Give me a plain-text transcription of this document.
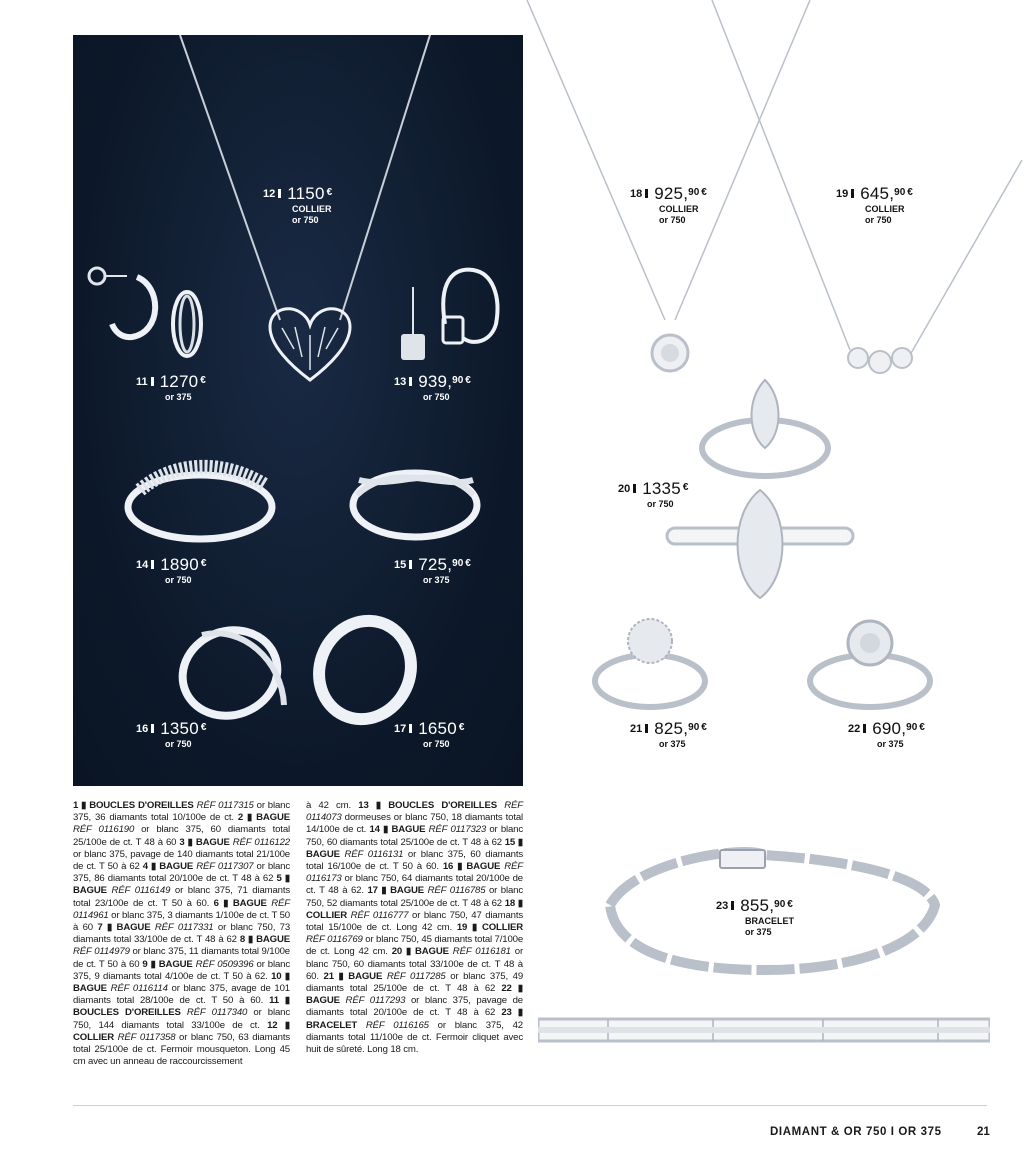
$^{12}$ 1150 €
COLLIER
or 750
$^{11}$ 1270 €
or 375
$^{13}$ 939,90 €
or 750
$^{14}$ 1890 €
or 750
$^{15}$ 725,90 €
or 375
$^{16}$ 1350 €
or 750
$^{17}$ 1650 €
or 750
$^{18}$ 925,90 €
COLLIER
or 750
$^{19}$ 645,90 €
COLLIER
or 750
$^{20}$ 1335 €
or 750
$^{21}$ 825,90 €
or 375
$^{22}$ 690,90 €
or 375
$^{23}$ 855,90 €
BRACELET
or 375
1 ▮ BOUCLES D'OREILLES RÉF 0117315 or blanc 375, 36 diamants total 10/100e de ct. 2 ▮ BAGUE RÉF 0116190 or blanc 375, 60 diamants total 25/100e de ct. T 48 à 60 3 ▮ BAGUE RÉF 0116122 or blanc 375, pavage de 140 diamants total 21/100e de ct. T 50 à 62 4 ▮ BAGUE RÉF 0117307 or blanc 375, 86 diamants total 20/100e de ct. T 48 à 62 5 ▮ BAGUE RÉF 0116149 or blanc 375, 71 diamants total 23/100e de ct. T 50 à 60. 6 ▮ BAGUE RÉF 0114961 or blanc 375, 3 diamants 1/100e de ct. T 50 à 60 7 ▮ BAGUE RÉF 0117331 or blanc 750, 73 diamants total 33/100e de ct. T 48 à 62 8 ▮ BAGUE RÉF 0114979 or blanc 375, 11 diamants total 9/100e de ct. T 50 à 60 9 ▮ BAGUE RÉF 0509396 or blanc 375, 9 diamants total 4/100e de ct. T 50 à 62. 10 ▮ BAGUE RÉF 0116114 or blanc 375, avage de 101 diamants total 28/100e de ct. T 50 à 60. 11 ▮ BOUCLES D'OREILLES RÉF 0117340 or blanc 750, 144 diamants total 33/100e de ct. 12 ▮ COLLIER RÉF 0117358 or blanc 750, 63 diamants total 25/100e de ct. Fermoir mousqueton. Long 45 cm avec un anneau de raccourcissement
à 42 cm. 13 ▮ BOUCLES D'OREILLES RÉF 0114073 dormeuses or blanc 750, 18 diamants total 14/100e de ct. 14 ▮ BAGUE RÉF 0117323 or blanc 750, 60 diamants total 25/100e de ct. T 48 à 62 15 ▮ BAGUE RÉF 0116131 or blanc 375, 60 diamants total 16/100e de ct. T 50 à 60. 16 ▮ BAGUE RÉF 0116173 or blanc 750, 64 diamants total 20/100e de ct. T 48 à 62. 17 ▮ BAGUE RÉF 0116785 or blanc 750, 52 diamants total 25/100e de ct. T 48 à 62 18 ▮ COLLIER RÉF 0116777 or blanc 750, 47 diamants total 15/100e de ct. Long 42 cm. 19 ▮ COLLIER RÉF 0116769 or blanc 750, 45 diamants total 7/100e de ct. Long 42 cm. 20 ▮ BAGUE RÉF 0116181 or blanc 750, 60 diamants total 33/100e de ct. T 48 à 60. 21 ▮ BAGUE RÉF 0117285 or blanc 375, 49 diamants total 25/100e de ct. T 48 à 62 22 ▮ BAGUE RÉF 0117293 or blanc 375, pavage de diamants total 20/100e de ct. T 48 à 62 23 ▮ BRACELET RÉF 0116165 or blanc 375, 42 diamants total 11/100e de ct. Fermoir cliquet avec huit de sûreté. Long 18 cm.
DIAMANT & OR 750 I OR 375	21
